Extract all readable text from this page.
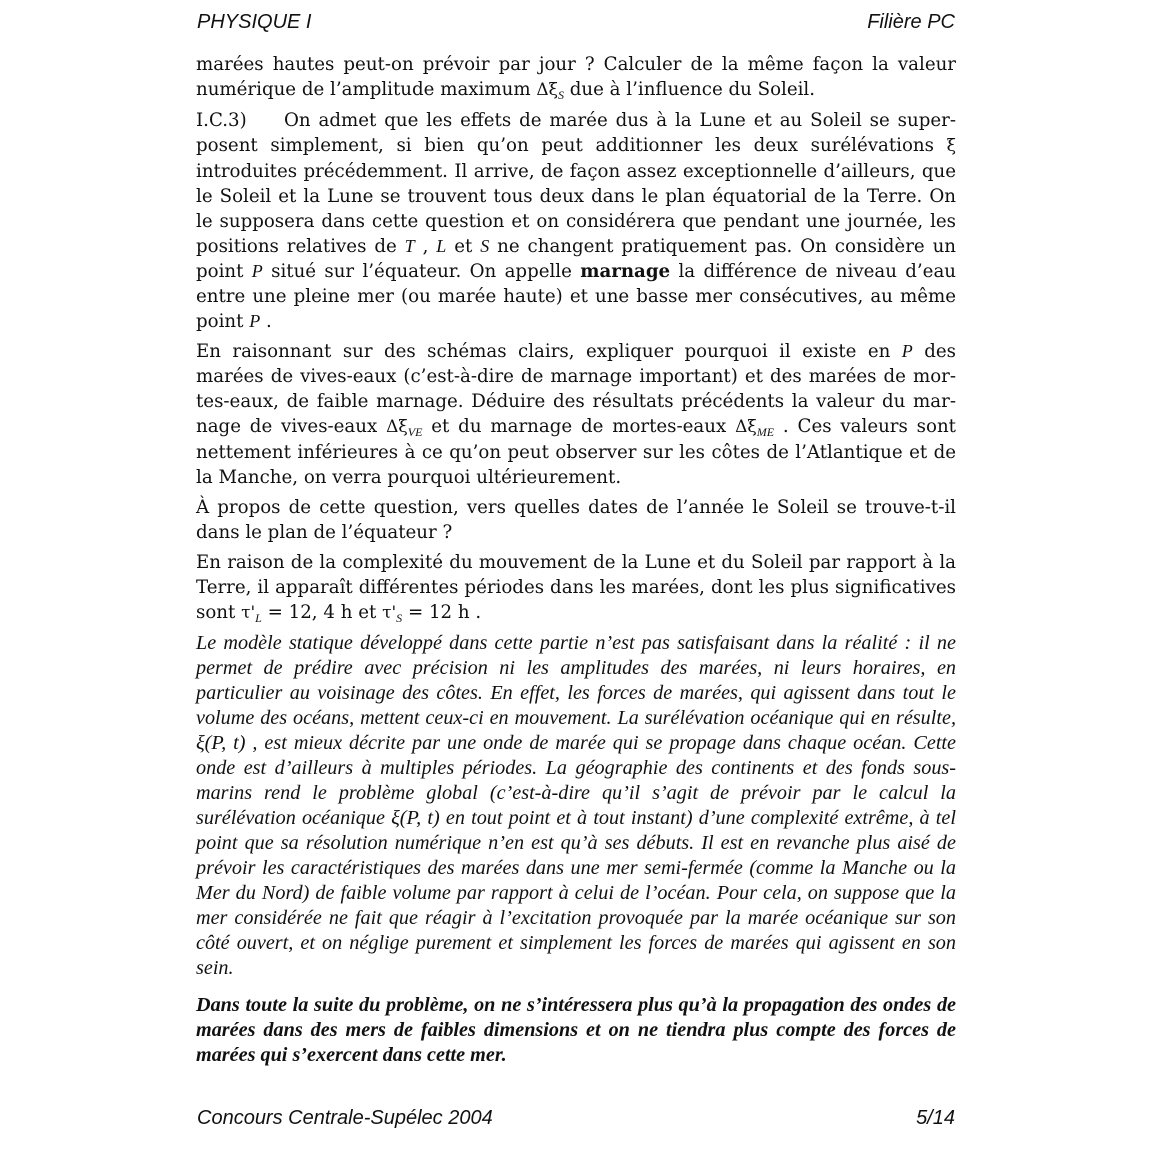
PHYSIQUE I	Filière PC

marées hautes peut-on prévoir par jour ? Calculer de la même façon la valeur numérique de l’amplitude maximum $\Delta\xi_S$ due à l’influence du Soleil.

I.C.3) On admet que les effets de marée dus à la Lune et au Soleil se superposent simplement, si bien qu’on peut additionner les deux surélévations ξ introduites précédemment. Il arrive, de façon assez exceptionnelle d’ailleurs, que le Soleil et la Lune se trouvent tous deux dans le plan équatorial de la Terre. On le supposera dans cette question et on considérera que pendant une journée, les positions relatives de T , L et S ne changent pratiquement pas. On considère un point P situé sur l’équateur. On appelle marnage la différence de niveau d’eau entre une pleine mer (ou marée haute) et une basse mer consécutives, au même point P .

En raisonnant sur des schémas clairs, expliquer pourquoi il existe en P des marées de vives-eaux (c’est-à-dire de marnage important) et des marées de mortes-eaux, de faible marnage. Déduire des résultats précédents la valeur du marnage de vives-eaux $\Delta\xi_{VE}$ et du marnage de mortes-eaux $\Delta\xi_{ME}$ . Ces valeurs sont nettement inférieures à ce qu’on peut observer sur les côtes de l’Atlantique et de la Manche, on verra pourquoi ultérieurement.

À propos de cette question, vers quelles dates de l’année le Soleil se trouve-t-il dans le plan de l’équateur ?

En raison de la complexité du mouvement de la Lune et du Soleil par rapport à la Terre, il apparaît différentes périodes dans les marées, dont les plus significatives sont $\tau'_L = 12$, 4 h et $\tau'_S = 12$ h .

Le modèle statique développé dans cette partie n’est pas satisfaisant dans la réalité : il ne permet de prédire avec précision ni les amplitudes des marées, ni leurs horaires, en particulier au voisinage des côtes. En effet, les forces de marées, qui agissent dans tout le volume des océans, mettent ceux-ci en mouvement. La surélévation océanique qui en résulte, ξ(P, t) , est mieux décrite par une onde de marée qui se propage dans chaque océan. Cette onde est d’ailleurs à multiples périodes. La géographie des continents et des fonds sous-marins rend le problème global (c’est-à-dire qu’il s’agit de prévoir par le calcul la surélévation océanique ξ(P, t) en tout point et à tout instant) d’une complexité extrême, à tel point que sa résolution numérique n’en est qu’à ses débuts. Il est en revanche plus aisé de prévoir les caractéristiques des marées dans une mer semi-fermée (comme la Manche ou la Mer du Nord) de faible volume par rapport à celui de l’océan. Pour cela, on suppose que la mer considérée ne fait que réagir à l’excitation provoquée par la marée océanique sur son côté ouvert, et on néglige purement et simplement les forces de marées qui agissent en son sein.

Dans toute la suite du problème, on ne s’intéressera plus qu’à la propagation des ondes de marées dans des mers de faibles dimensions et on ne tiendra plus compte des forces de marées qui s’exercent dans cette mer.

Concours Centrale-Supélec 2004	5/14
